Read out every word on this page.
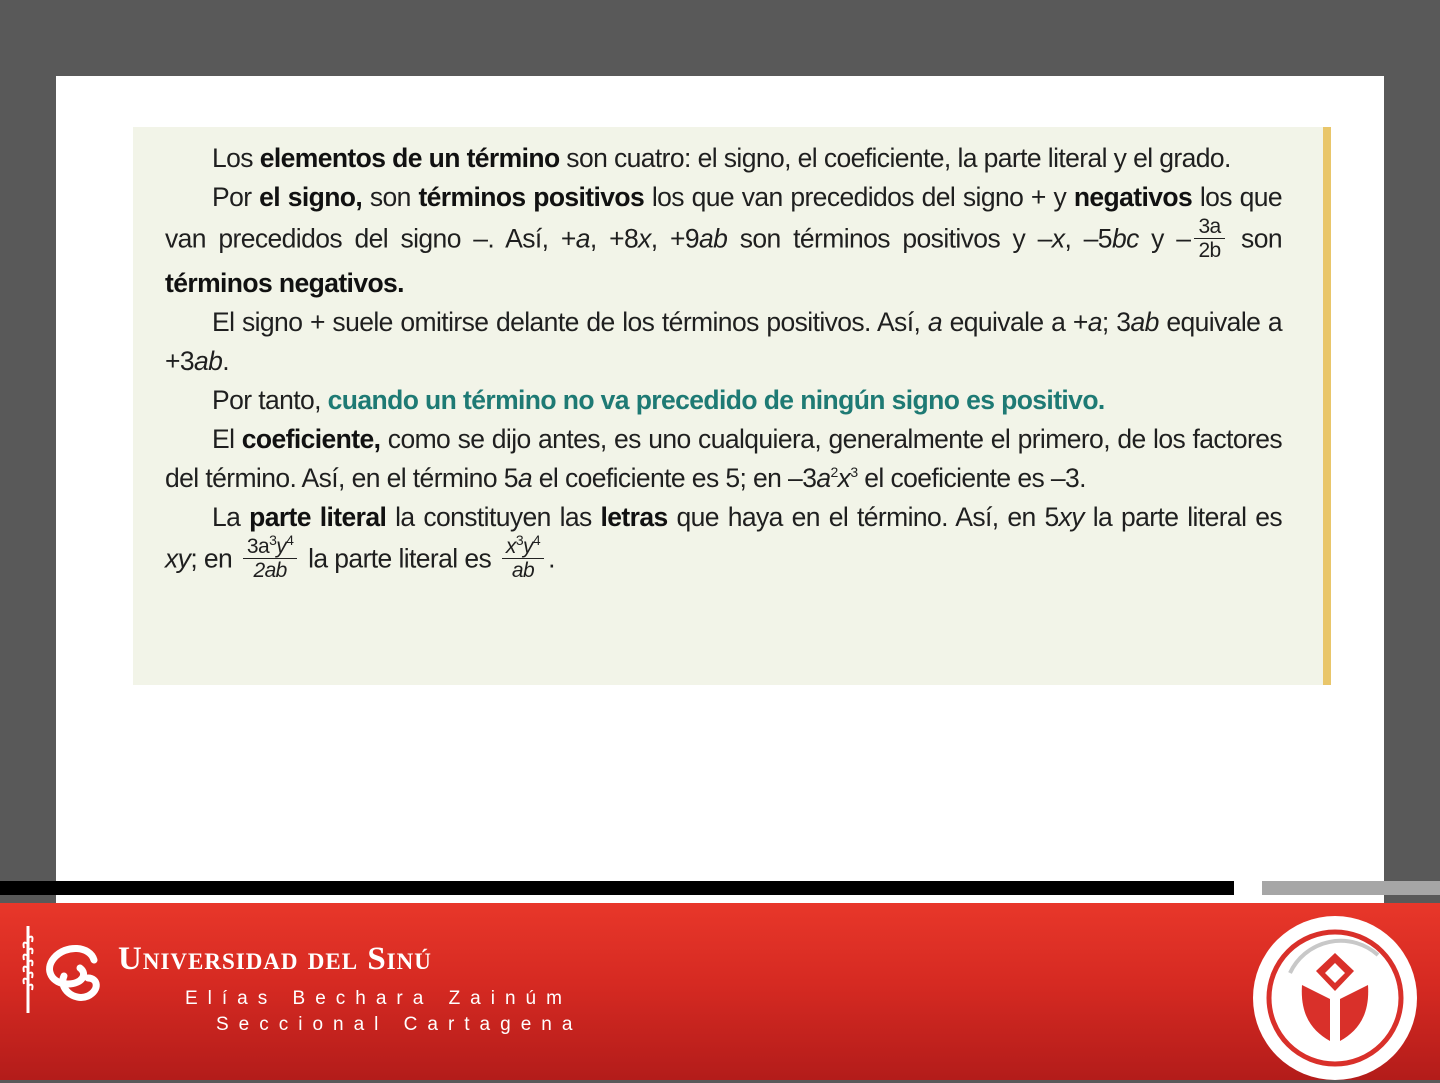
Los elementos de un término son cuatro: el signo, el coeficiente, la parte literal y el grado.

Por el signo, son términos positivos los que van precedidos del signo + y negativos los que van precedidos del signo –. Así, +a, +8x, +9ab son términos positivos y –x, –5bc y – $\frac{3a}{2b}$ son términos negativos.

El signo + suele omitirse delante de los términos positivos. Así, a equivale a +a; 3ab equivale a +3ab.

Por tanto, cuando un término no va precedido de ningún signo es positivo.

El coeficiente, como se dijo antes, es uno cualquiera, generalmente el primero, de los factores del término. Así, en el término 5a el coeficiente es 5; en $-3a^2x^3$ el coeficiente es –3.

La parte literal la constituyen las letras que haya en el término. Así, en 5xy la parte literal es xy; en $\frac{3a^3y^4}{2ab}$ la parte literal es $\frac{x^3y^4}{ab}$ .

Universidad del Sinú
Elías Bechara Zainúm
Seccional Cartagena
